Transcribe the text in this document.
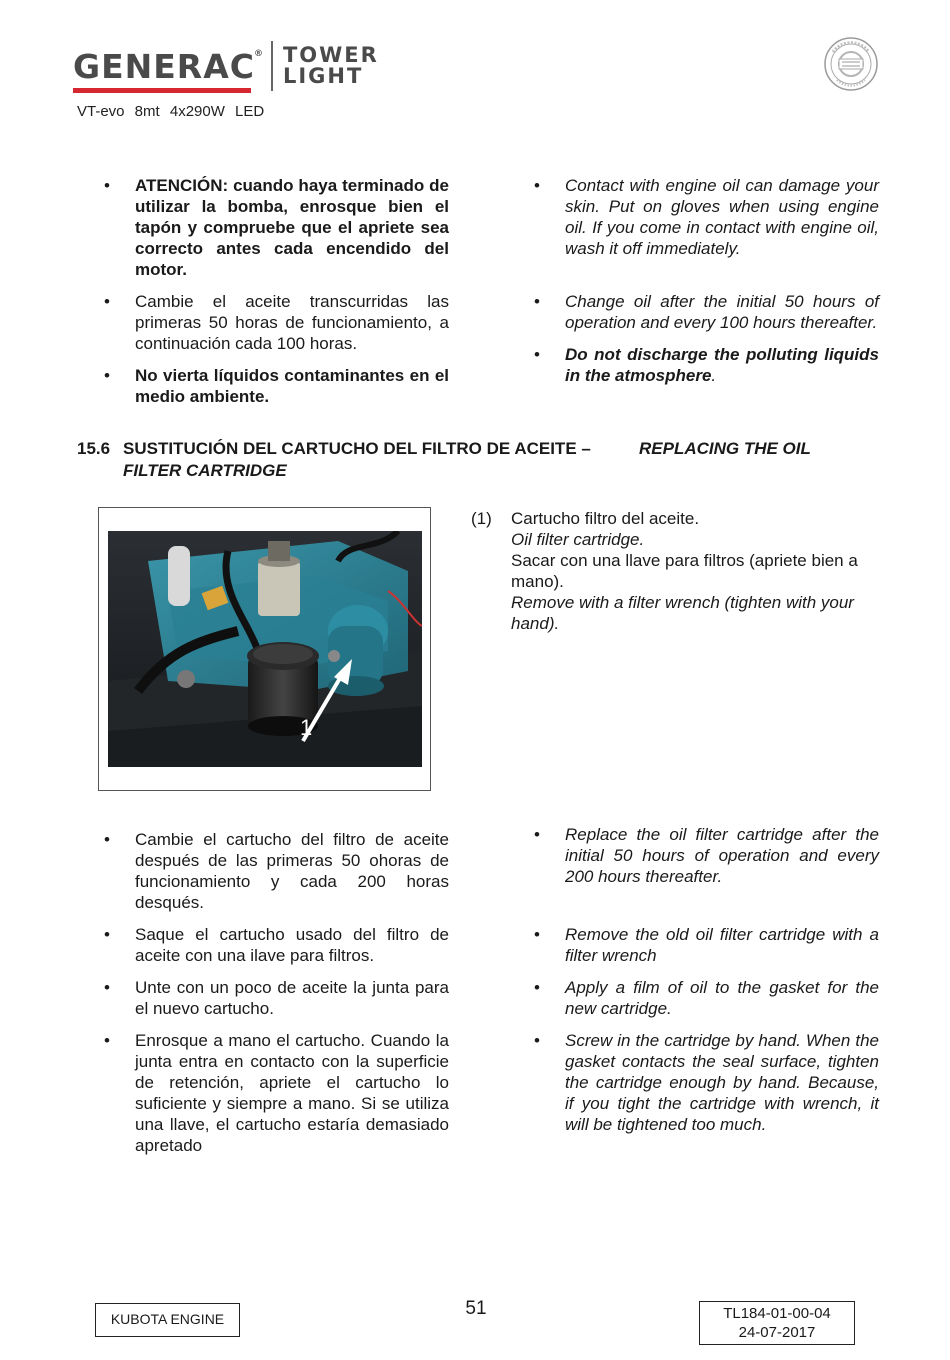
GENERAC ® TOWER
LIGHT
VT-evo 8mt 4x290W LED
• ATENCIÓN: cuando haya terminado de utilizar la bomba, enrosque bien el tapón y compruebe que el apriete sea correcto antes cada encendido del motor.
• Cambie el aceite transcurridas las primeras 50 horas de funcionamiento, a continuación cada 100 horas.
• No vierta líquidos contaminantes en el medio ambiente.
• Contact with engine oil can damage your skin. Put on gloves when using engine oil. If you come in contact with engine oil, wash it off immediately.
• Change oil after the initial 50 hours of operation and every 100 hours thereafter.
• Do not discharge the polluting liquids in the atmosphere.
15.6 SUSTITUCIÓN DEL CARTUCHO DEL FILTRO DE ACEITE –	REPLACING THE OIL FILTER CARTRIDGE
1
(1) Cartucho filtro del aceite.
Oil filter cartridge.
Sacar con una llave para filtros (apriete bien a mano).
Remove with a filter wrench (tighten with your hand).
• Cambie el cartucho del filtro de aceite después de las primeras 50 ohoras de funcionamiento y cada 200 horas desqués.
• Saque el cartucho usado del filtro de aceite con una ilave para filtros.
• Unte con un poco de aceite la junta para el nuevo cartucho.
• Enrosque a mano el cartucho. Cuando la junta entra en contacto con la superficie de retención, apriete el cartucho lo suficiente y siempre a mano. Si se utiliza una llave, el cartucho estaría demasiado apretado
• Replace the oil filter cartridge after the initial 50 hours of operation and every 200 hours thereafter.
• Remove the old oil filter cartridge with a filter wrench
• Apply a film of oil to the gasket for the new cartridge.
• Screw in the cartridge by hand. When the gasket contacts the seal surface, tighten the cartridge enough by hand. Because, if you tight the cartridge with wrench, it will be tightened too much.
KUBOTA ENGINE	51	TL184-01-00-04
24-07-2017
